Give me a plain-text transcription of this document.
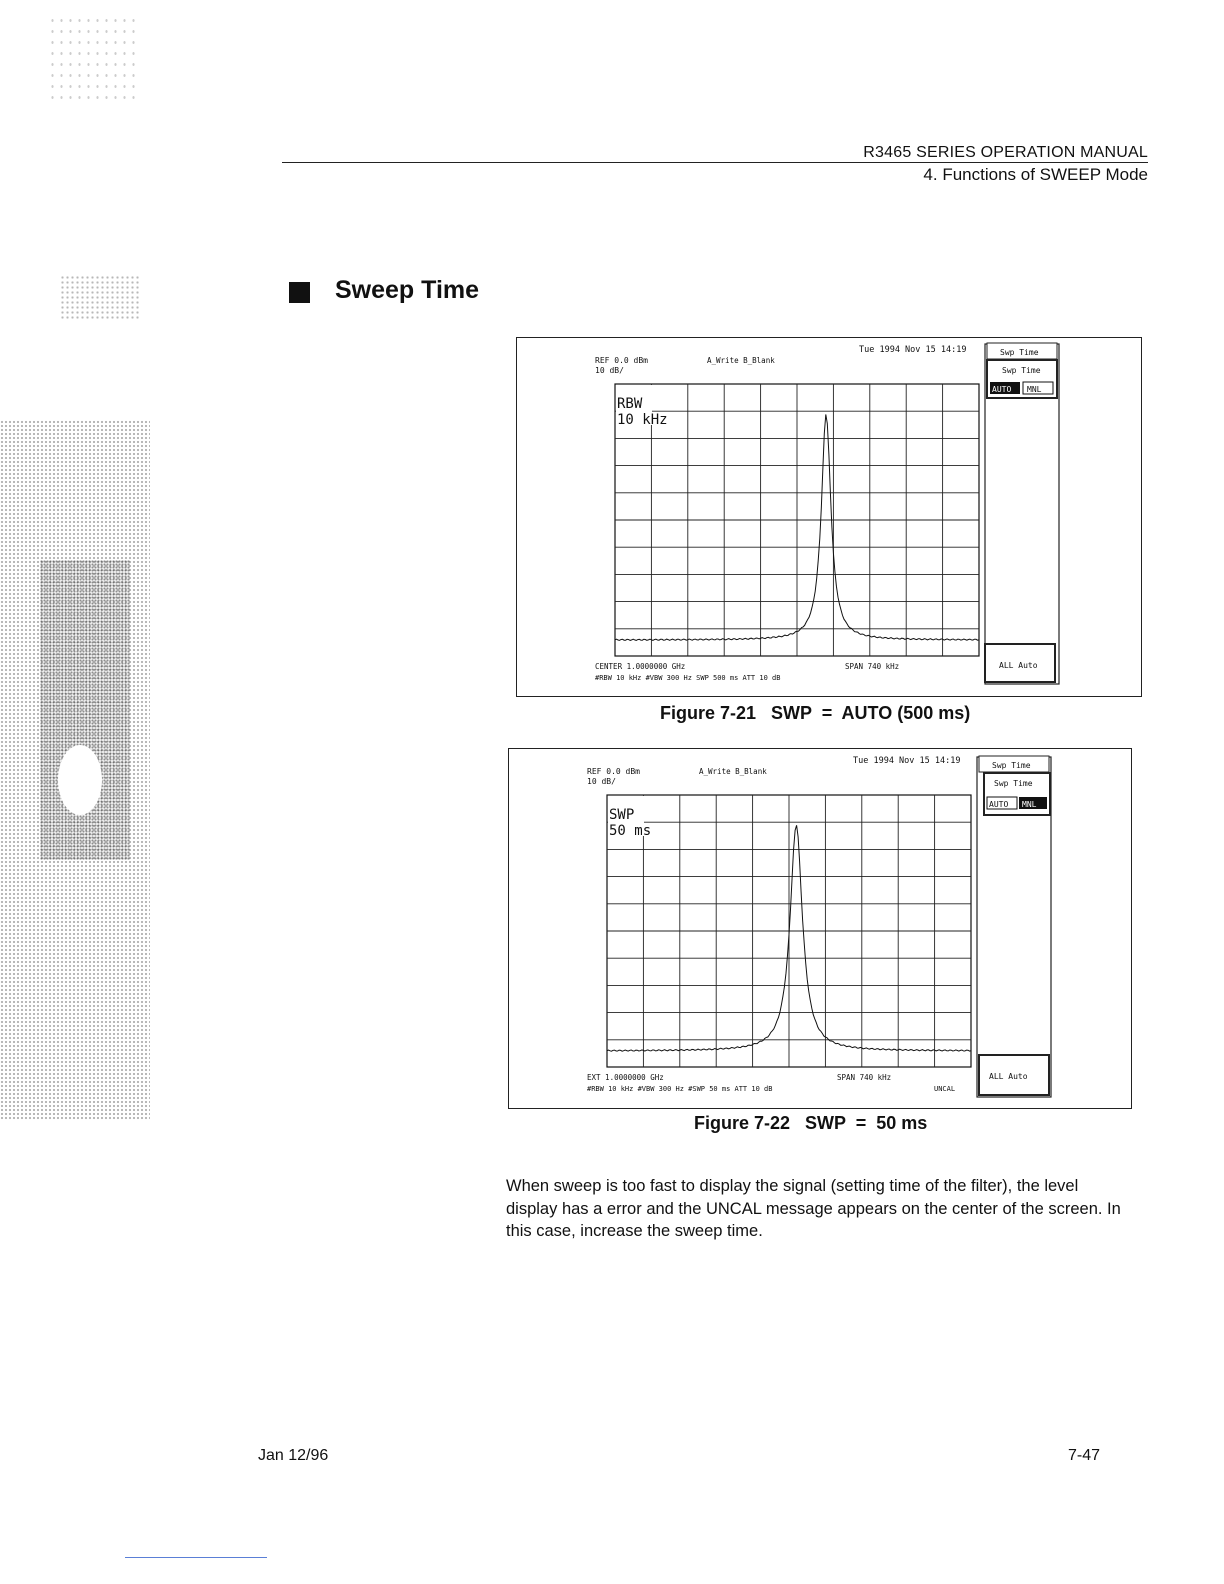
R3465 SERIES OPERATION MANUAL
4. Functions of SWEEP Mode
Sweep Time
Tue 1994 Nov 15 14:19
REF 0.0 dBm
10 dB/
A_Write B_Blank
Swp Time
Swp Time
AUTO MNL
ALL Auto
RBW
10 kHz
CENTER 1.0000000 GHz	SPAN 740 kHz
#RBW 10 kHz #VBW 300 Hz SWP 500 ms ATT 10 dB
Figure 7-21   SWP  =  AUTO (500 ms)
Tue 1994 Nov 15 14:19
REF 0.0 dBm
10 dB/
A_Write B_Blank
Swp Time
Swp Time
AUTO MNL
ALL Auto
SWP
50 ms
EXT 1.0000000 GHz	SPAN 740 kHz
#RBW 10 kHz #VBW 300 Hz #SWP 50 ms ATT 10 dB	UNCAL
Figure 7-22   SWP  =  50 ms
When sweep is too fast to display the signal (setting time of the filter), the level display has a error and the UNCAL message appears on the center of the screen. In this case, increase the sweep time.
Jan 12/96	7-47
